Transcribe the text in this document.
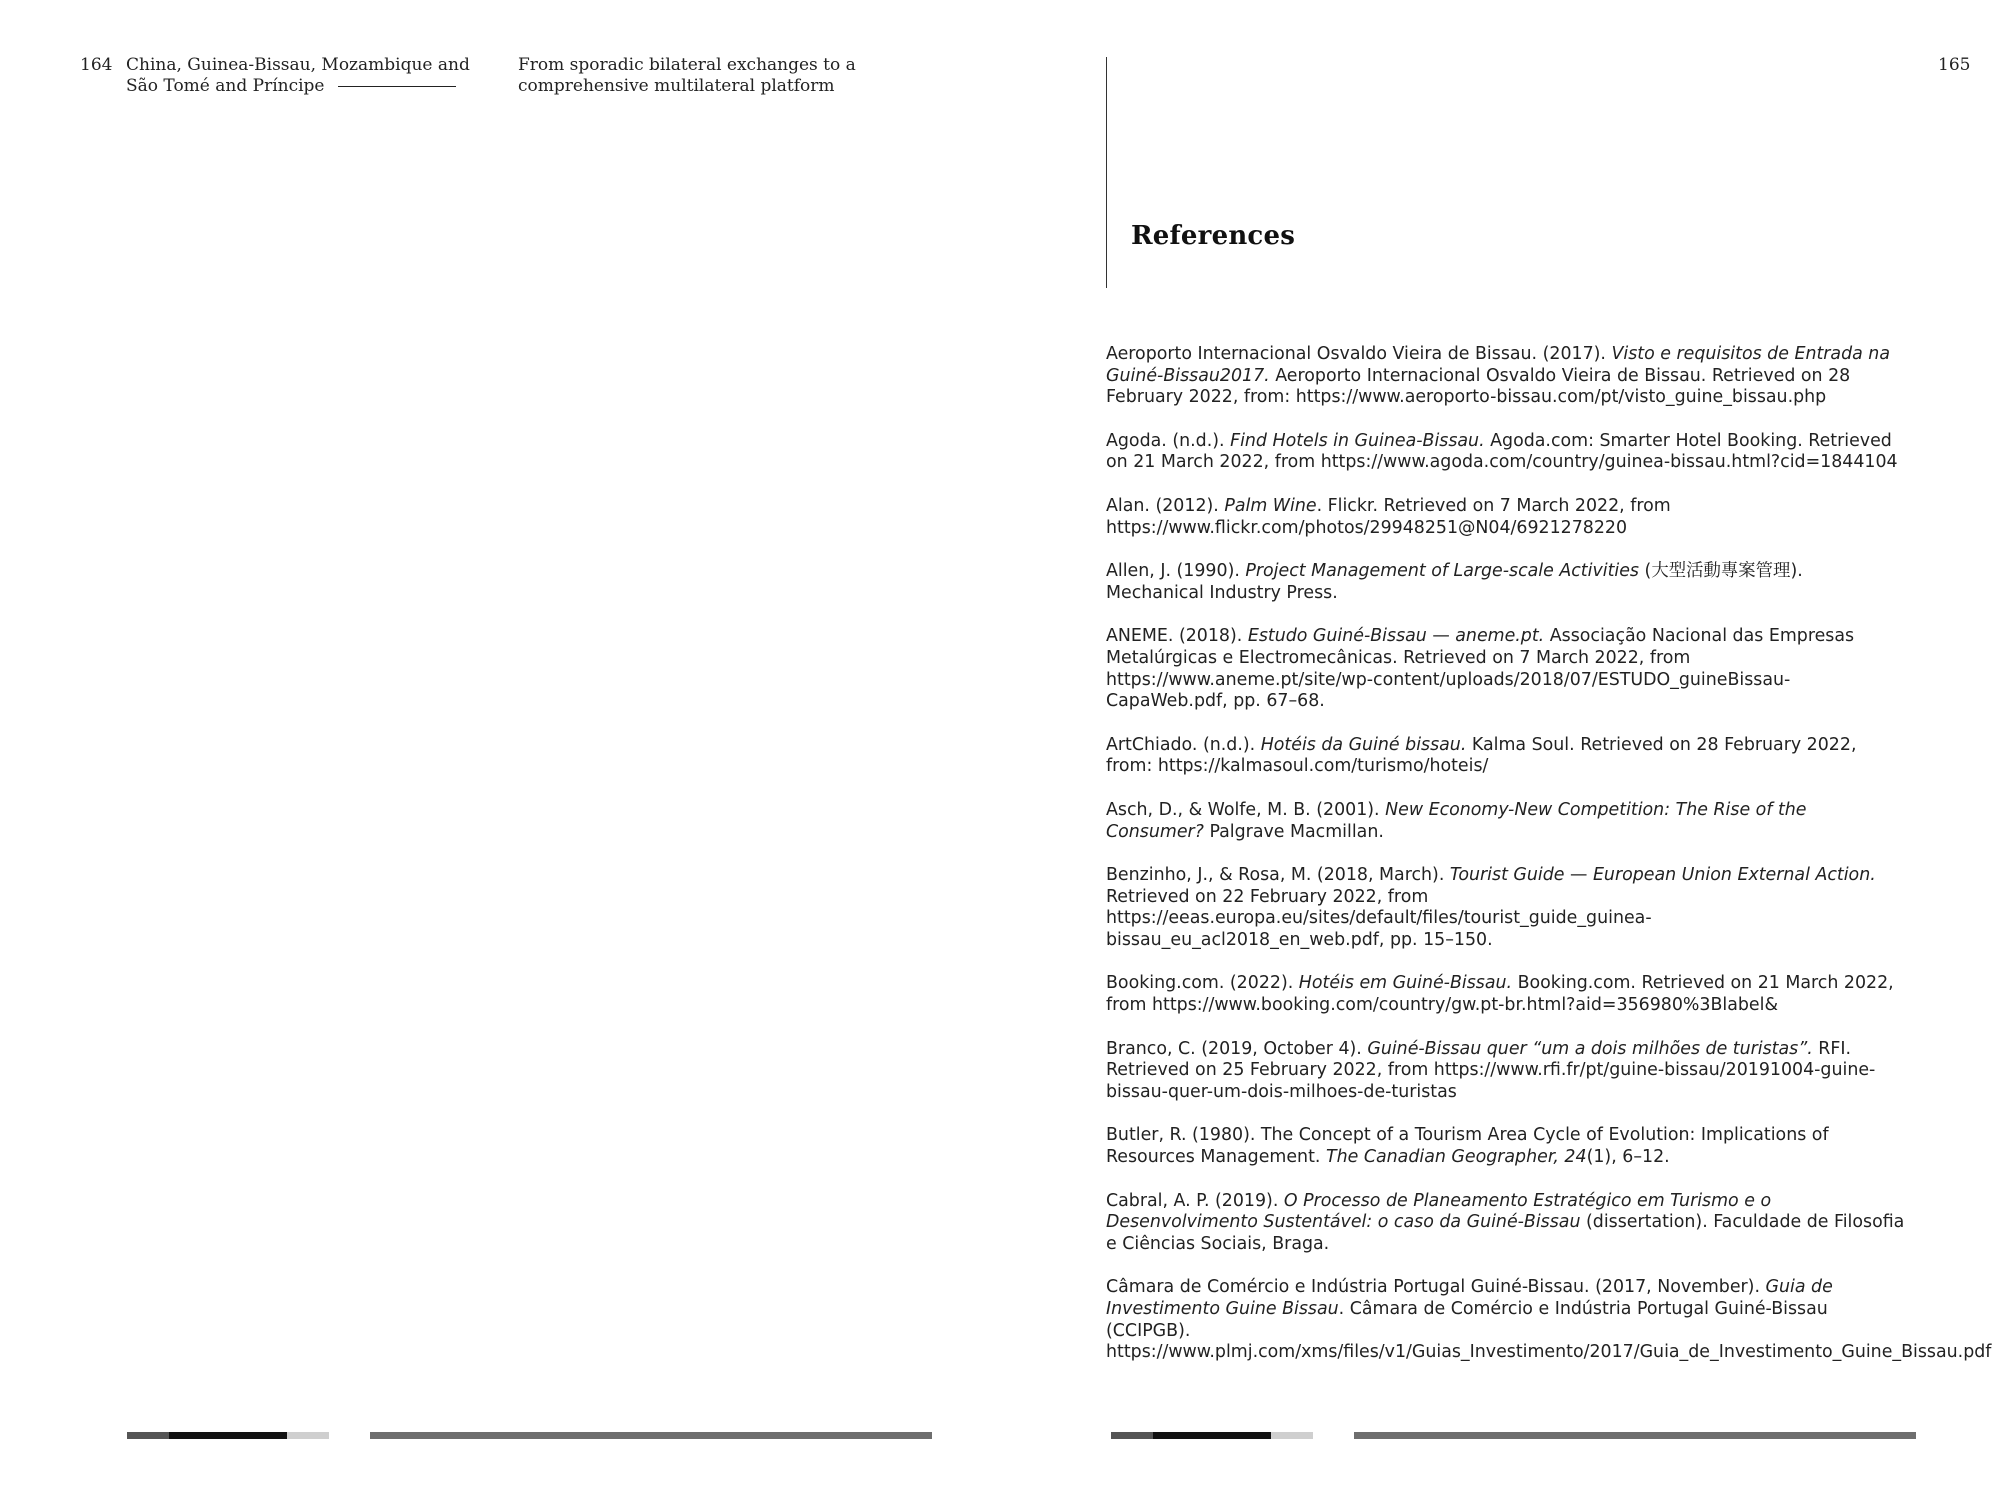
164 China, Guinea-Bissau, Mozambique and
São Tomé and Príncipe
From sporadic bilateral exchanges to a
comprehensive multilateral platform
165
References
Aeroporto Internacional Osvaldo Vieira de Bissau. (2017). Visto e requisitos de Entrada na Guiné-Bissau2017. Aeroporto Internacional Osvaldo Vieira de Bissau. Retrieved on 28 February 2022, from: https://www.aeroporto-bissau.com/pt/visto_guine_bissau.php
Agoda. (n.d.). Find Hotels in Guinea-Bissau. Agoda.com: Smarter Hotel Booking. Retrieved on 21 March 2022, from https://www.agoda.com/country/guinea-bissau.html?cid=1844104
Alan. (2012). Palm Wine. Flickr. Retrieved on 7 March 2022, from https://www.flickr.com/photos/29948251@N04/6921278220
Allen, J. (1990). Project Management of Large-scale Activities (大型活動專案管理). Mechanical Industry Press.
ANEME. (2018). Estudo Guiné-Bissau — aneme.pt. Associação Nacional das Empresas Metalúrgicas e Electromecânicas. Retrieved on 7 March 2022, from https://www.aneme.pt/site/wp-content/uploads/2018/07/ESTUDO_guineBissau-CapaWeb.pdf, pp. 67–68.
ArtChiado. (n.d.). Hotéis da Guiné bissau. Kalma Soul. Retrieved on 28 February 2022, from: https://kalmasoul.com/turismo/hoteis/
Asch, D., & Wolfe, M. B. (2001). New Economy-New Competition: The Rise of the Consumer? Palgrave Macmillan.
Benzinho, J., & Rosa, M. (2018, March). Tourist Guide — European Union External Action. Retrieved on 22 February 2022, from https://eeas.europa.eu/sites/default/files/tourist_guide_guinea-bissau_eu_acl2018_en_web.pdf, pp. 15–150.
Booking.com. (2022). Hotéis em Guiné-Bissau. Booking.com. Retrieved on 21 March 2022, from https://www.booking.com/country/gw.pt-br.html?aid=356980%3Blabel&
Branco, C. (2019, October 4). Guiné-Bissau quer “um a dois milhões de turistas”. RFI. Retrieved on 25 February 2022, from https://www.rfi.fr/pt/guine-bissau/20191004-guine-bissau-quer-um-dois-milhoes-de-turistas
Butler, R. (1980). The Concept of a Tourism Area Cycle of Evolution: Implications of Resources Management. The Canadian Geographer, 24(1), 6–12.
Cabral, A. P. (2019). O Processo de Planeamento Estratégico em Turismo e o Desenvolvimento Sustentável: o caso da Guiné-Bissau (dissertation). Faculdade de Filosofia e Ciências Sociais, Braga.
Câmara de Comércio e Indústria Portugal Guiné-Bissau. (2017, November). Guia de Investimento Guine Bissau. Câmara de Comércio e Indústria Portugal Guiné-Bissau (CCIPGB). https://www.plmj.com/xms/files/v1/Guias_Investimento/2017/Guia_de_Investimento_Guine_Bissau.pdf
